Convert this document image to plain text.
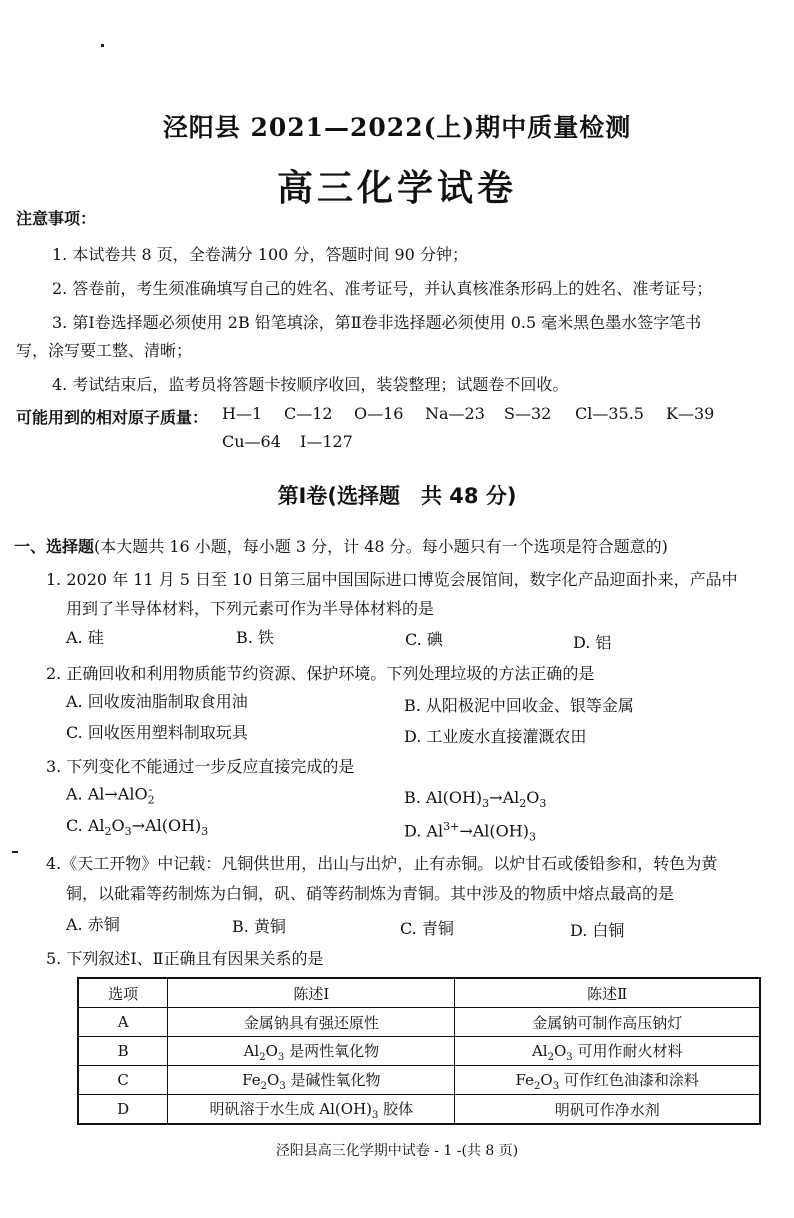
泾阳县 2021—2022(上)期中质量检测
高三化学试卷
注意事项：
1. 本试卷共 8 页，全卷满分 100 分，答题时间 90 分钟；
2. 答卷前，考生须准确填写自己的姓名、准考证号，并认真核准条形码上的姓名、准考证号；
3. 第Ⅰ卷选择题必须使用 2B 铅笔填涂，第Ⅱ卷非选择题必须使用 0.5 毫米黑色墨水签字笔书
写，涂写要工整、清晰；
4. 考试结束后，监考员将答题卡按顺序收回，装袋整理；试题卷不回收。
可能用到的相对原子质量： H—1 C—12 O—16 Na—23 S—32 Cl—35.5 K—39
Cu—64 I—127
第Ⅰ卷(选择题　共 48 分)
一、选择题(本大题共 16 小题，每小题 3 分，计 48 分。每小题只有一个选项是符合题意的)
1. 2020 年 11 月 5 日至 10 日第三届中国国际进口博览会展馆间，数字化产品迎面扑来，产品中
用到了半导体材料，下列元素可作为半导体材料的是
A. 硅	B. 铁	C. 碘	D. 铝
2. 正确回收和利用物质能节约资源、保护环境。下列处理垃圾的方法正确的是
A. 回收废油脂制取食用油	B. 从阳极泥中回收金、银等金属
C. 回收医用塑料制取玩具	D. 工业废水直接灌溉农田
3. 下列变化不能通过一步反应直接完成的是
A. Al→AlO$_2$-	B. $Al(OH)_3\to Al_2O_3$
C. $Al_2O_3\to Al(OH)_3$	D. $Al^{3+}\to Al(OH)_3$
4.《天工开物》中记载：凡铜供世用，出山与出炉，止有赤铜。以炉甘石或倭铅参和，转色为黄
铜，以砒霜等药制炼为白铜，矾、硝等药制炼为青铜。其中涉及的物质中熔点最高的是
A. 赤铜	B. 黄铜	C. 青铜	D. 白铜
5. 下列叙述Ⅰ、Ⅱ正确且有因果关系的是
选项	陈述Ⅰ	陈述Ⅱ
A	金属钠具有强还原性	金属钠可制作高压钠灯
B	$Al_2O_3$ 是两性氧化物	$Al_2O_3$ 可用作耐火材料
C	$Fe_2O_3$ 是碱性氧化物	$Fe_2O_3$ 可作红色油漆和涂料
D	明矾溶于水生成 $Al(OH)_3$ 胶体	明矾可作净水剂
泾阳县高三化学期中试卷 - 1 -(共 8 页)
